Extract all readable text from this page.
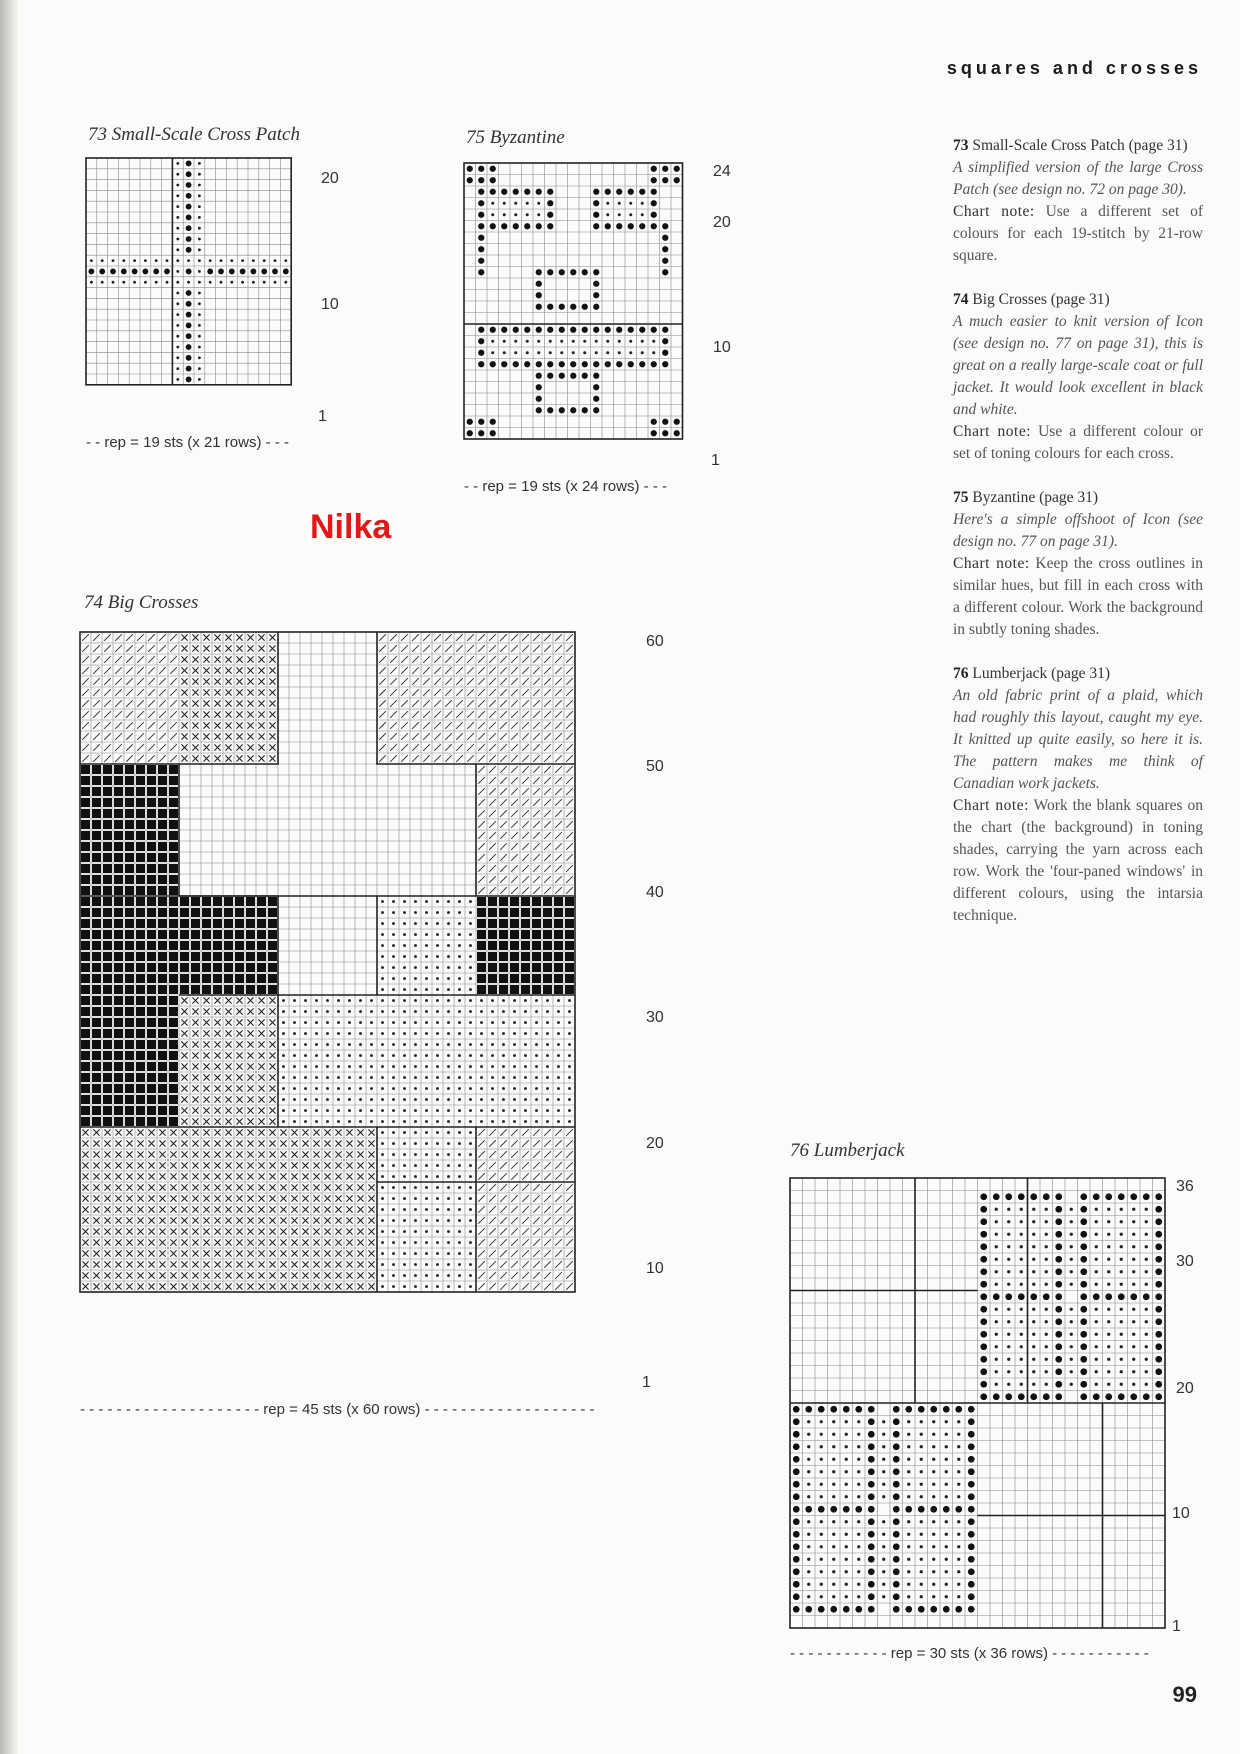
squares and crosses
73 Small-Scale Cross Patch
20
10
1
- - rep = 19 sts (x 21 rows) - - -
75 Byzantine
24
20
10
1
- - rep = 19 sts (x 24 rows) - - -
Nilka
74 Big Crosses
60
50
40
30
20
10
1
- - - - - - - - - - - - - - - - - - - - rep = 45 sts (x 60 rows) - - - - - - - - - - - - - - - - - - -
73 Small-Scale Cross Patch (page 31)
A simplified version of the large Cross Patch (see design no. 72 on page 30).
Chart note: Use a different set of colours for each 19-stitch by 21-row square.
74 Big Crosses (page 31)
A much easier to knit version of Icon (see design no. 77 on page 31), this is great on a really large-scale coat or full jacket. It would look excellent in black and white.
Chart note: Use a different colour or set of toning colours for each cross.
75 Byzantine (page 31)
Here's a simple offshoot of Icon (see design no. 77 on page 31).
Chart note: Keep the cross outlines in similar hues, but fill in each cross with a different colour. Work the background in subtly toning shades.
76 Lumberjack (page 31)
An old fabric print of a plaid, which had roughly this layout, caught my eye. It knitted up quite easily, so here it is. The pattern makes me think of Canadian work jackets.
Chart note: Work the blank squares on the chart (the background) in toning shades, carrying the yarn across each row. Work the 'four-paned windows' in different colours, using the intarsia technique.
76 Lumberjack
36
30
20
10
1
- - - - - - - - - - - rep = 30 sts (x 36 rows) - - - - - - - - - - -
99
